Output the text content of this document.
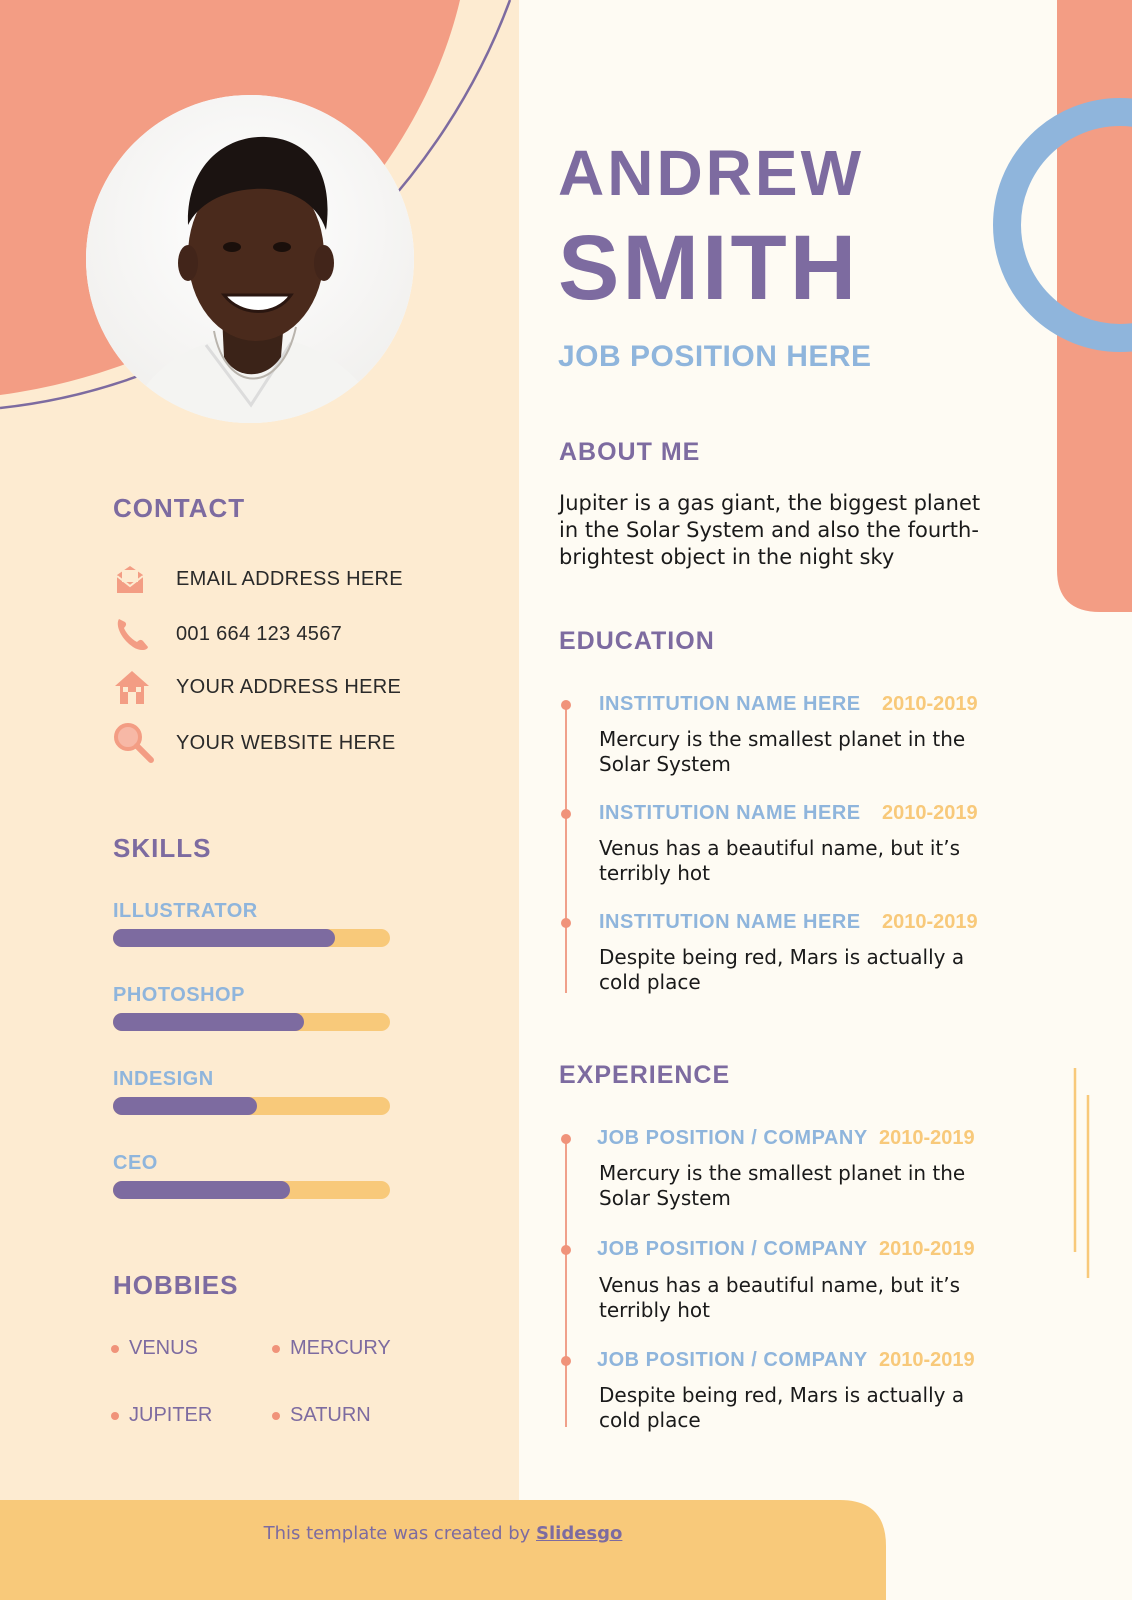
CONTACT
EMAIL ADDRESS HERE
001 664 123 4567
YOUR ADDRESS HERE
YOUR WEBSITE HERE
SKILLS
ILLUSTRATOR
PHOTOSHOP
INDESIGN
CEO
HOBBIES
VENUS	MERCURY
JUPITER	SATURN
ANDREW
SMITH
JOB POSITION HERE
ABOUT ME
Jupiter is a gas giant, the biggest planet in the Solar System and also the fourth-brightest object in the night sky
EDUCATION
INSTITUTION NAME HERE 2010-2019
Mercury is the smallest planet in the Solar System
INSTITUTION NAME HERE 2010-2019
Venus has a beautiful name, but it’s terribly hot
INSTITUTION NAME HERE 2010-2019
Despite being red, Mars is actually a cold place
EXPERIENCE
JOB POSITION / COMPANY 2010-2019
Mercury is the smallest planet in the Solar System
JOB POSITION / COMPANY 2010-2019
Venus has a beautiful name, but it’s terribly hot
JOB POSITION / COMPANY 2010-2019
Despite being red, Mars is actually a cold place
This template was created by Slidesgo
